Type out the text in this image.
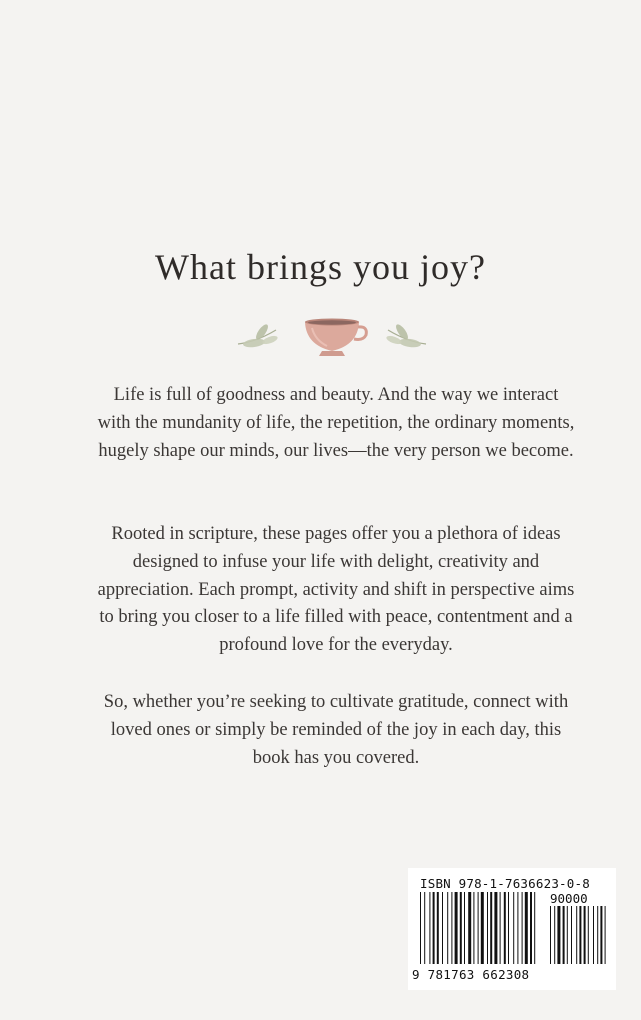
What brings you joy?

Life is full of goodness and beauty. And the way we interact with the mundanity of life, the repetition, the ordinary moments, hugely shape our minds, our lives—the very person we become.

Rooted in scripture, these pages offer you a plethora of ideas designed to infuse your life with delight, creativity and appreciation. Each prompt, activity and shift in perspective aims to bring you closer to a life filled with peace, contentment and a profound love for the everyday.

So, whether you’re seeking to cultivate gratitude, connect with loved ones or simply be reminded of the joy in each day, this book has you covered.

ISBN 978-1-7636623-0-8
90000
9 781763 662308
